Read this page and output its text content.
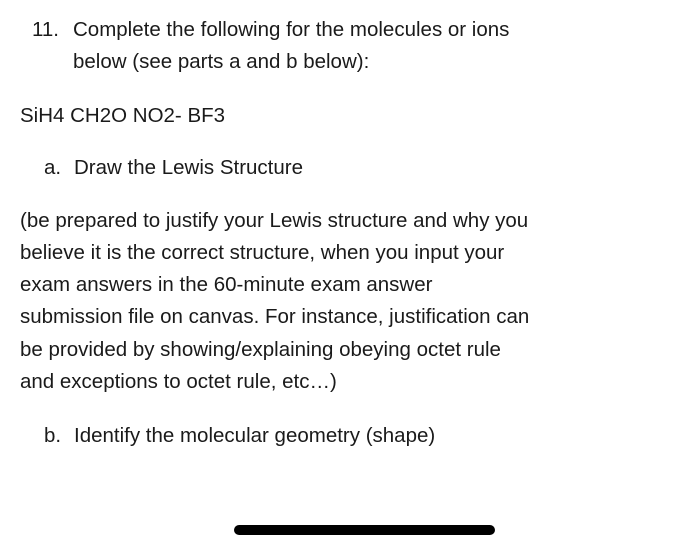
11. Complete the following for the molecules or ions
below (see parts a and b below):
SiH4 CH2O NO2- BF3
a. Draw the Lewis Structure
(be prepared to justify your Lewis structure and why you
believe it is the correct structure, when you input your
exam answers in the 60-minute exam answer
submission file on canvas. For instance, justification can
be provided by showing/explaining obeying octet rule
and exceptions to octet rule, etc…)
b. Identify the molecular geometry (shape)
